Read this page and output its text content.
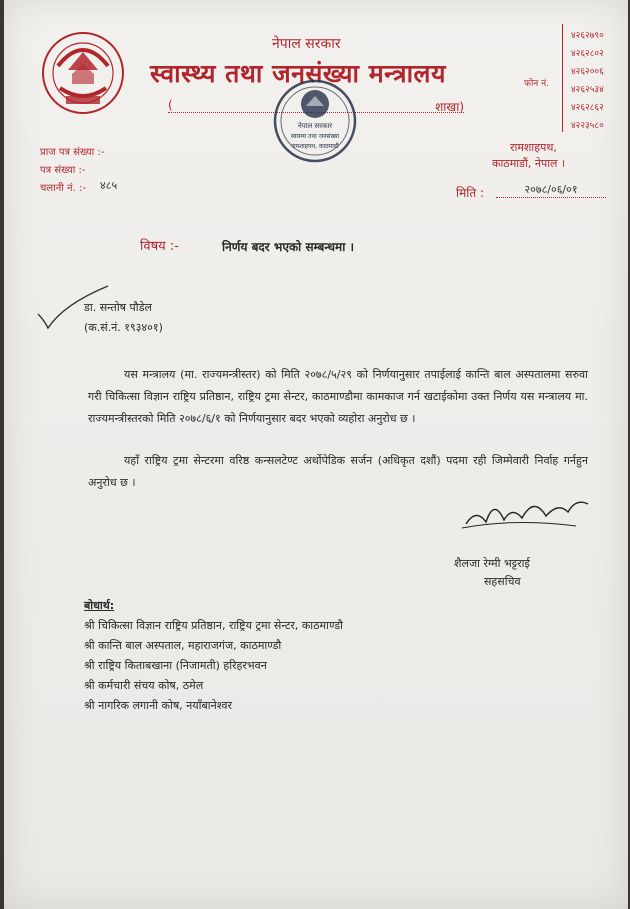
नेपाल सरकार
स्वास्थ्य तथा जनसंख्या मन्त्रालय
(	शाखा)
फोन नं.
४२६२७९०
४२६२८०२
४२६२००६
४२६२५३४
४२६२८६२
४२२३५८०
नेपाल सरकार
स्वास्थ्य तथा जनसंख्या
रामशाहपथ, काठमाडौं
प्राज पत्र संख्या :-
पत्र संख्या :-
चलानी नं. :- ४८५
रामशाहपथ,
काठमाडौं, नेपाल ।
मिति :	२०७८/०६/०१
विषय :-	निर्णय बदर भएको सम्बन्धमा ।
डा. सन्तोष पौडेल
(क.सं.नं. १९३४०१)
यस मन्त्रालय (मा. राज्यमन्त्रीस्तर) को मिति २०७८/५/२९ को निर्णयानुसार तपाईलाई कान्ति बाल अस्पतालमा सरुवा गरी चिकित्सा विज्ञान राष्ट्रिय प्रतिष्ठान, राष्ट्रिय ट्रमा सेन्टर, काठमाण्डौमा कामकाज गर्न खटाईकोमा उक्त निर्णय यस मन्त्रालय मा. राज्यमन्त्रीस्तरको मिति २०७८/६/१ को निर्णयानुसार बदर भएको व्यहोरा अनुरोध छ ।
यहाँ राष्ट्रिय ट्रमा सेन्टरमा वरिष्ठ कन्सलटेण्ट अर्थोपेडिक सर्जन (अधिकृत दशौं) पदमा रही जिम्मेवारी निर्वाह गर्नहुन अनुरोध छ ।
शैलजा रेग्मी भट्टराई
सहसचिव
बोधार्थ:
श्री चिकित्सा विज्ञान राष्ट्रिय प्रतिष्ठान, राष्ट्रिय ट्रमा सेन्टर, काठमाण्डौ
श्री कान्ति बाल अस्पताल, महाराजगंज, काठमाण्डौ
श्री राष्ट्रिय किताबखाना (निजामती) हरिहरभवन
श्री कर्मचारी संचय कोष, ठमेल
श्री नागरिक लगानी कोष, नयाँबानेश्वर
